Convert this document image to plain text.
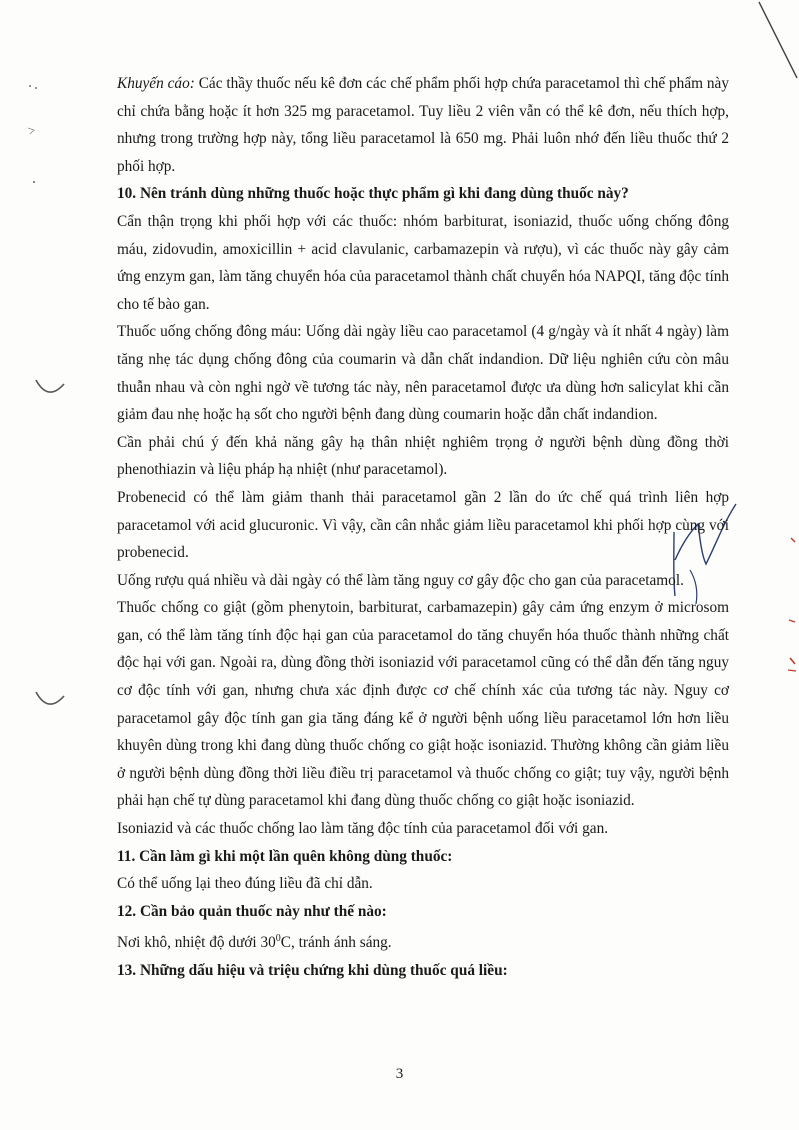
Khuyến cáo: Các thầy thuốc nếu kê đơn các chế phẩm phối hợp chứa paracetamol thì chế phẩm này chỉ chứa bằng hoặc ít hơn 325 mg paracetamol. Tuy liều 2 viên vẫn có thể kê đơn, nếu thích hợp, nhưng trong trường hợp này, tổng liều paracetamol là 650 mg. Phải luôn nhớ đến liều thuốc thứ 2 phối hợp.

10. Nên tránh dùng những thuốc hoặc thực phẩm gì khi đang dùng thuốc này?

Cẩn thận trọng khi phối hợp với các thuốc: nhóm barbiturat, isoniazid, thuốc uống chống đông máu, zidovudin, amoxicillin + acid clavulanic, carbamazepin và rượu), vì các thuốc này gây cảm ứng enzym gan, làm tăng chuyển hóa của paracetamol thành chất chuyển hóa NAPQI, tăng độc tính cho tế bào gan.

Thuốc uống chống đông máu: Uống dài ngày liều cao paracetamol (4 g/ngày và ít nhất 4 ngày) làm tăng nhẹ tác dụng chống đông của coumarin và dẫn chất indandion. Dữ liệu nghiên cứu còn mâu thuẫn nhau và còn nghi ngờ về tương tác này, nên paracetamol được ưa dùng hơn salicylat khi cần giảm đau nhẹ hoặc hạ sốt cho người bệnh đang dùng coumarin hoặc dẫn chất indandion.

Cần phải chú ý đến khả năng gây hạ thân nhiệt nghiêm trọng ở người bệnh dùng đồng thời phenothiazin và liệu pháp hạ nhiệt (như paracetamol).

Probenecid có thể làm giảm thanh thải paracetamol gần 2 lần do ức chế quá trình liên hợp paracetamol với acid glucuronic. Vì vậy, cần cân nhắc giảm liều paracetamol khi phối hợp cùng với probenecid.

Uống rượu quá nhiều và dài ngày có thể làm tăng nguy cơ gây độc cho gan của paracetamol.

Thuốc chống co giật (gồm phenytoin, barbiturat, carbamazepin) gây cảm ứng enzym ở microsom gan, có thể làm tăng tính độc hại gan của paracetamol do tăng chuyển hóa thuốc thành những chất độc hại với gan. Ngoài ra, dùng đồng thời isoniazid với paracetamol cũng có thể dẫn đến tăng nguy cơ độc tính với gan, nhưng chưa xác định được cơ chế chính xác của tương tác này. Nguy cơ paracetamol gây độc tính gan gia tăng đáng kể ở người bệnh uống liều paracetamol lớn hơn liều khuyên dùng trong khi đang dùng thuốc chống co giật hoặc isoniazid. Thường không cần giảm liều ở người bệnh dùng đồng thời liều điều trị paracetamol và thuốc chống co giật; tuy vậy, người bệnh phải hạn chế tự dùng paracetamol khi đang dùng thuốc chống co giật hoặc isoniazid.

Isoniazid và các thuốc chống lao làm tăng độc tính của paracetamol đối với gan.

11. Cần làm gì khi một lần quên không dùng thuốc:

Có thể uống lại theo đúng liều đã chỉ dẫn.

12. Cần bảo quản thuốc này như thế nào:

Nơi khô, nhiệt độ dưới $30^0C$, tránh ánh sáng.

13. Những dấu hiệu và triệu chứng khi dùng thuốc quá liều:

3
